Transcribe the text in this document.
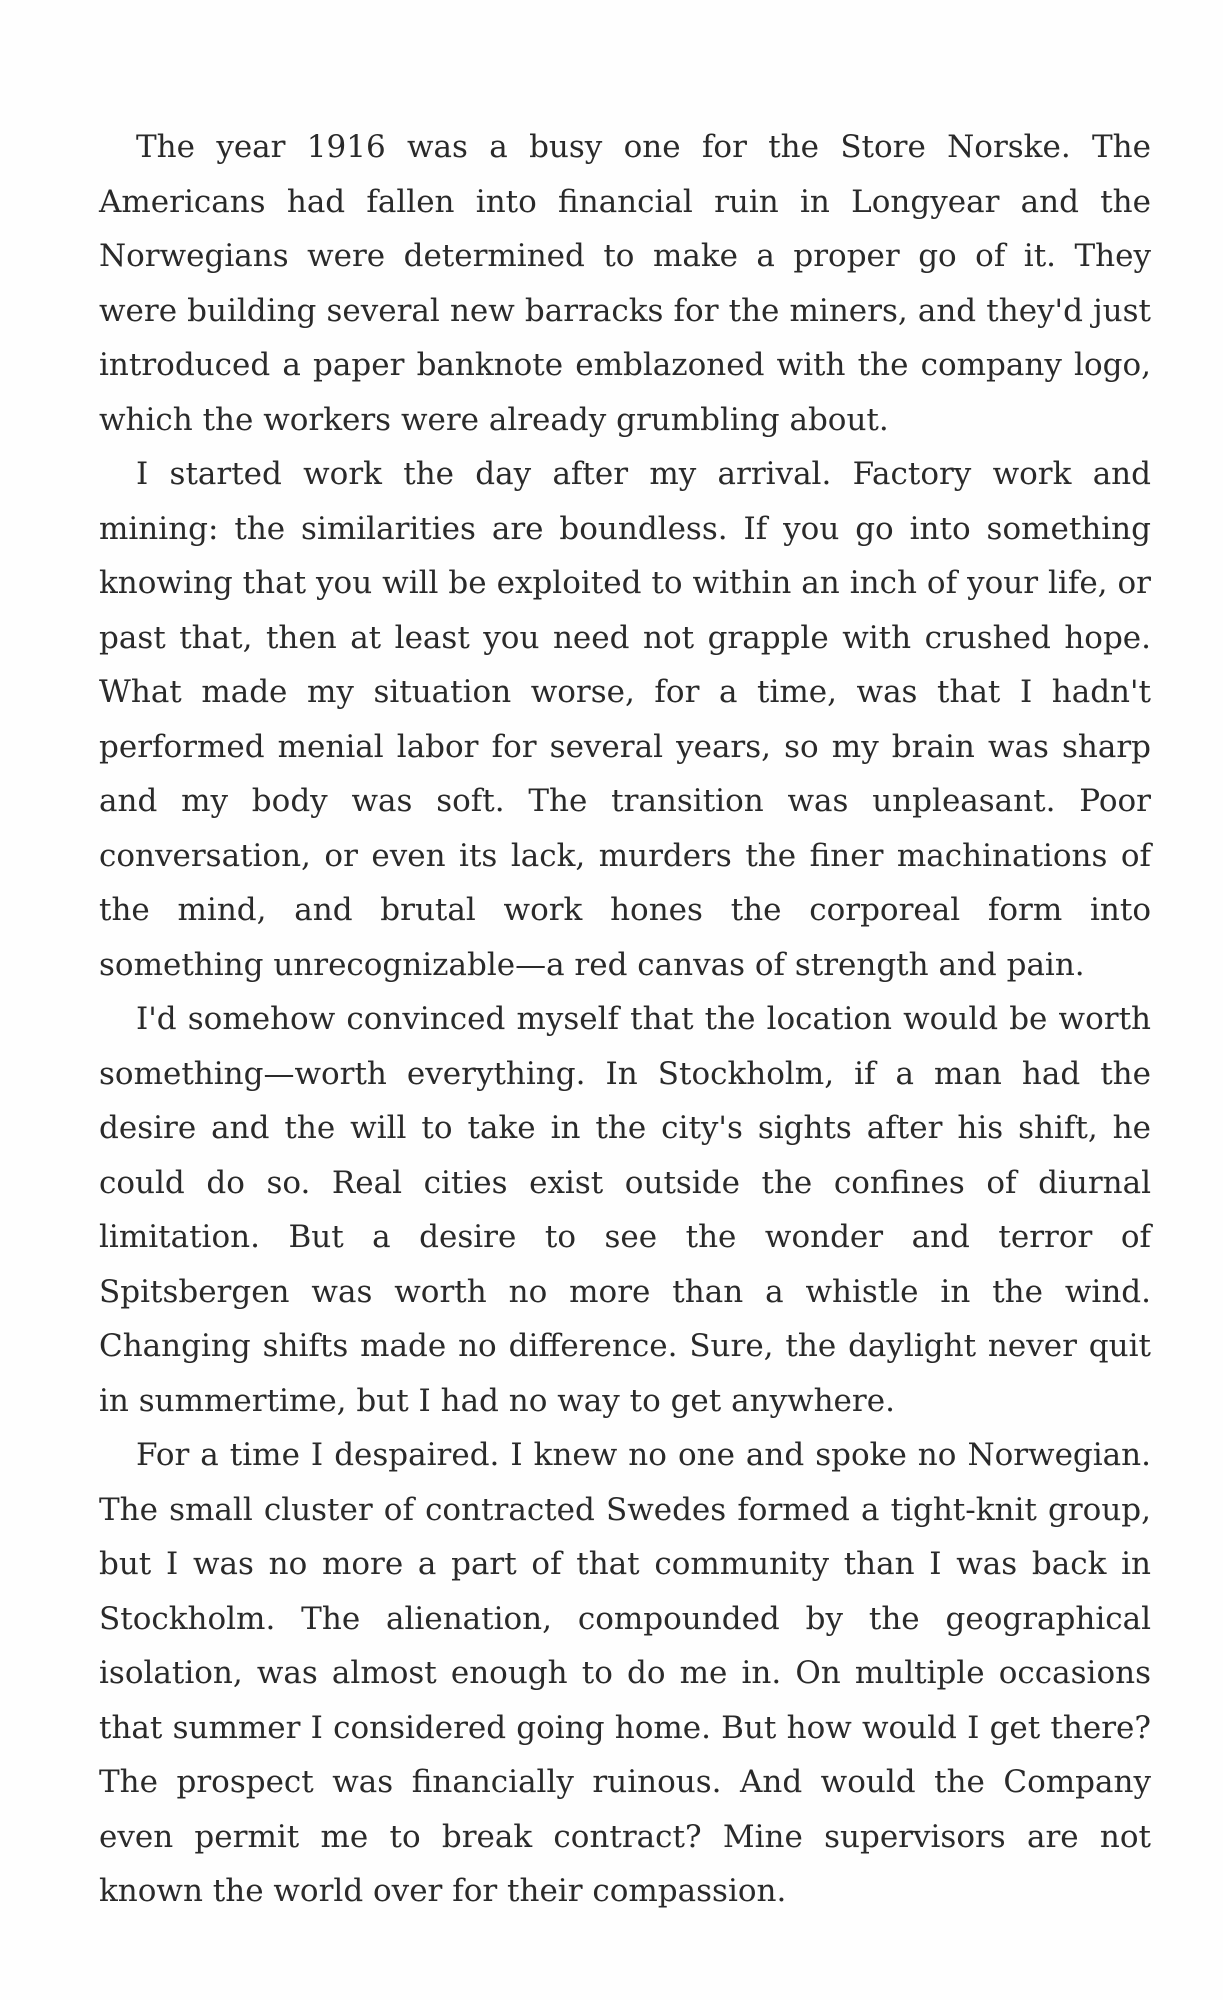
The year 1916 was a busy one for the Store Norske. The Americans had fallen into financial ruin in Longyear and the Norwegians were determined to make a proper go of it. They were building several new barracks for the miners, and they'd just introduced a paper banknote emblazoned with the company logo, which the workers were already grumbling about.

I started work the day after my arrival. Factory work and mining: the similarities are boundless. If you go into something knowing that you will be exploited to within an inch of your life, or past that, then at least you need not grapple with crushed hope. What made my situation worse, for a time, was that I hadn't performed menial labor for several years, so my brain was sharp and my body was soft. The transition was unpleasant. Poor conversation, or even its lack, murders the finer machinations of the mind, and brutal work hones the corporeal form into something unrecognizable—a red canvas of strength and pain.

I'd somehow convinced myself that the location would be worth something—worth everything. In Stockholm, if a man had the desire and the will to take in the city's sights after his shift, he could do so. Real cities exist outside the confines of diurnal limitation. But a desire to see the wonder and terror of Spitsbergen was worth no more than a whistle in the wind. Changing shifts made no difference. Sure, the daylight never quit in summertime, but I had no way to get anywhere.

For a time I despaired. I knew no one and spoke no Norwegian. The small cluster of contracted Swedes formed a tight-knit group, but I was no more a part of that community than I was back in Stockholm. The alienation, compounded by the geographical isolation, was almost enough to do me in. On multiple occasions that summer I considered going home. But how would I get there? The prospect was financially ruinous. And would the Company even permit me to break contract? Mine supervisors are not known the world over for their compassion.
